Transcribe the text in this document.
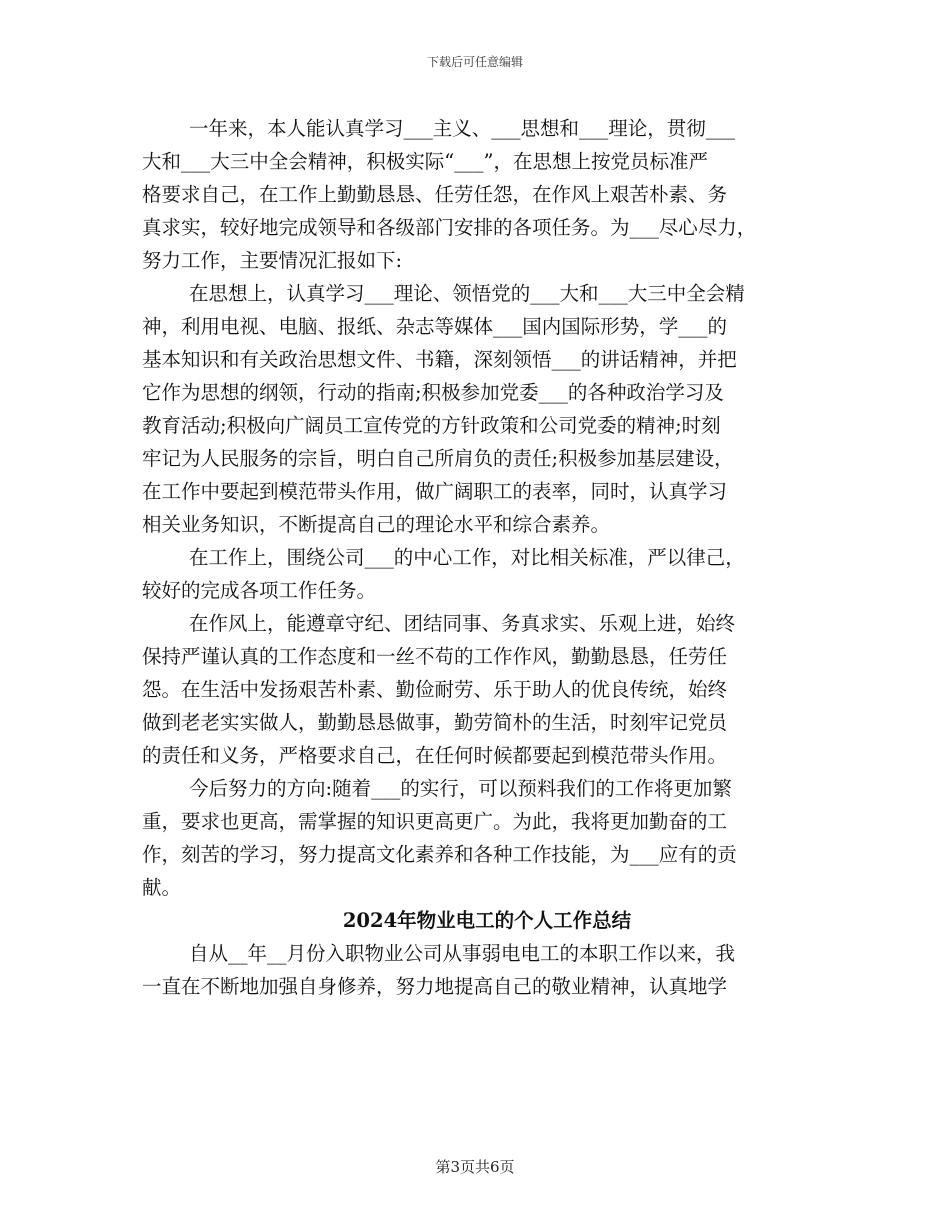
下载后可任意编辑
一年来，本人能认真学习___主义、___思想和___理论，贯彻___
大和___大三中全会精神，积极实际“___”，在思想上按党员标准严
格要求自己，在工作上勤勤恳恳、任劳任怨，在作风上艰苦朴素、务
真求实，较好地完成领导和各级部门安排的各项任务。为___尽心尽力，
努力工作，主要情况汇报如下:
在思想上，认真学习___理论、领悟党的___大和___大三中全会精
神，利用电视、电脑、报纸、杂志等媒体___国内国际形势，学___的
基本知识和有关政治思想文件、书籍，深刻领悟___的讲话精神，并把
它作为思想的纲领，行动的指南;积极参加党委___的各种政治学习及
教育活动;积极向广阔员工宣传党的方针政策和公司党委的精神;时刻
牢记为人民服务的宗旨，明白自己所肩负的责任;积极参加基层建设，
在工作中要起到模范带头作用，做广阔职工的表率，同时，认真学习
相关业务知识，不断提高自己的理论水平和综合素养。
在工作上，围绕公司___的中心工作，对比相关标准，严以律己，
较好的完成各项工作任务。
在作风上，能遵章守纪、团结同事、务真求实、乐观上进，始终
保持严谨认真的工作态度和一丝不苟的工作作风，勤勤恳恳，任劳任
怨。在生活中发扬艰苦朴素、勤俭耐劳、乐于助人的优良传统，始终
做到老老实实做人，勤勤恳恳做事，勤劳简朴的生活，时刻牢记党员
的责任和义务，严格要求自己，在任何时候都要起到模范带头作用。
今后努力的方向:随着___的实行，可以预料我们的工作将更加繁
重，要求也更高，需掌握的知识更高更广。为此，我将更加勤奋的工
作，刻苦的学习，努力提高文化素养和各种工作技能，为___应有的贡
献。
2024年物业电工的个人工作总结
自从__年__月份入职物业公司从事弱电电工的本职工作以来，我
一直在不断地加强自身修养，努力地提高自己的敬业精神，认真地学
第3页共6页
